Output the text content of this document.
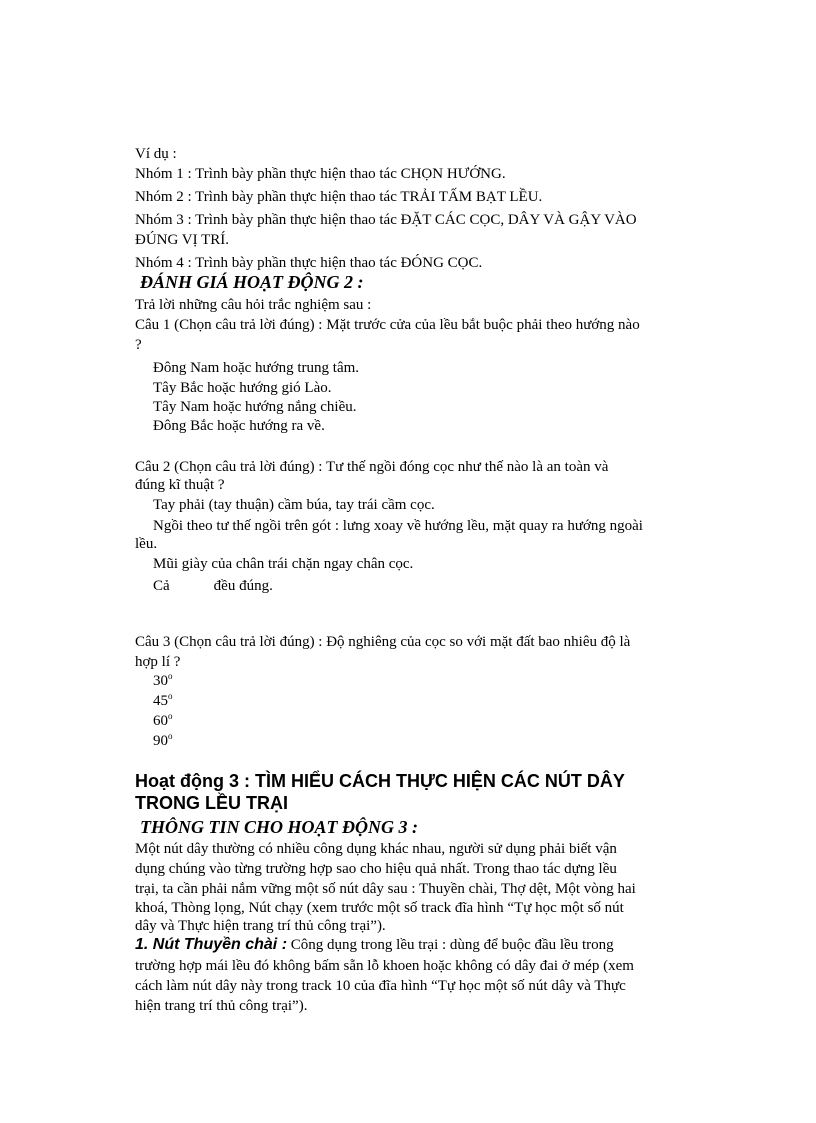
Ví dụ :
Nhóm 1 : Trình bày phần thực hiện thao tác CHỌN HƯỚNG.
Nhóm 2 : Trình bày phần thực hiện thao tác TRẢI TẤM BẠT LỀU.
Nhóm 3 : Trình bày phần thực hiện thao tác ĐẶT CÁC CỌC, DÂY VÀ GẬY VÀO
ĐÚNG VỊ TRÍ.
Nhóm 4 : Trình bày phần thực hiện thao tác ĐÓNG CỌC.
ĐÁNH GIÁ HOẠT ĐỘNG 2 :
Trả lời những câu hỏi trắc nghiệm sau :
Câu 1 (Chọn câu trả lời đúng) : Mặt trước cửa của lều bắt buộc phải theo hướng nào
?
Đông Nam hoặc hướng trung tâm.
Tây Bắc hoặc hướng gió Lào.
Tây Nam hoặc hướng nắng chiều.
Đông Bắc hoặc hướng ra về.
Câu 2 (Chọn câu trả lời đúng) : Tư thế ngồi đóng cọc như thế nào là an toàn và
đúng kĩ thuật ?
Tay phải (tay thuận) cầm búa, tay trái cầm cọc.
Ngồi theo tư thế ngồi trên gót : lưng xoay về hướng lều, mặt quay ra hướng ngoài
lều.
Mũi giày của chân trái chặn ngay chân cọc.
Cả	đều đúng.
Câu 3 (Chọn câu trả lời đúng) : Độ nghiêng của cọc so với mặt đất bao nhiêu độ là
hợp lí ?
30$^o$
45$^o$
60$^o$
90$^o$
Hoạt động 3 : TÌM HIỂU CÁCH THỰC HIỆN CÁC NÚT DÂY
TRONG LỀU TRẠI
THÔNG TIN CHO HOẠT ĐỘNG 3 :
Một nút dây thường có nhiều công dụng khác nhau, người sử dụng phải biết vận
dụng chúng vào từng trường hợp sao cho hiệu quả nhất. Trong thao tác dựng lều
trại, ta cần phải nắm vững một số nút dây sau : Thuyền chài, Thợ dệt, Một vòng hai
khoá, Thòng lọng, Nút chạy (xem trước một số track đĩa hình “Tự học một số nút
dây và Thực hiện trang trí thủ công trại”).
1. Nút Thuyền chài : Công dụng trong lều trại : dùng để buộc đầu lều trong
trường hợp mái lều đó không bấm sẵn lỗ khoen hoặc không có dây đai ở mép (xem
cách làm nút dây này trong track 10 của đĩa hình “Tự học một số nút dây và Thực
hiện trang trí thủ công trại”).
